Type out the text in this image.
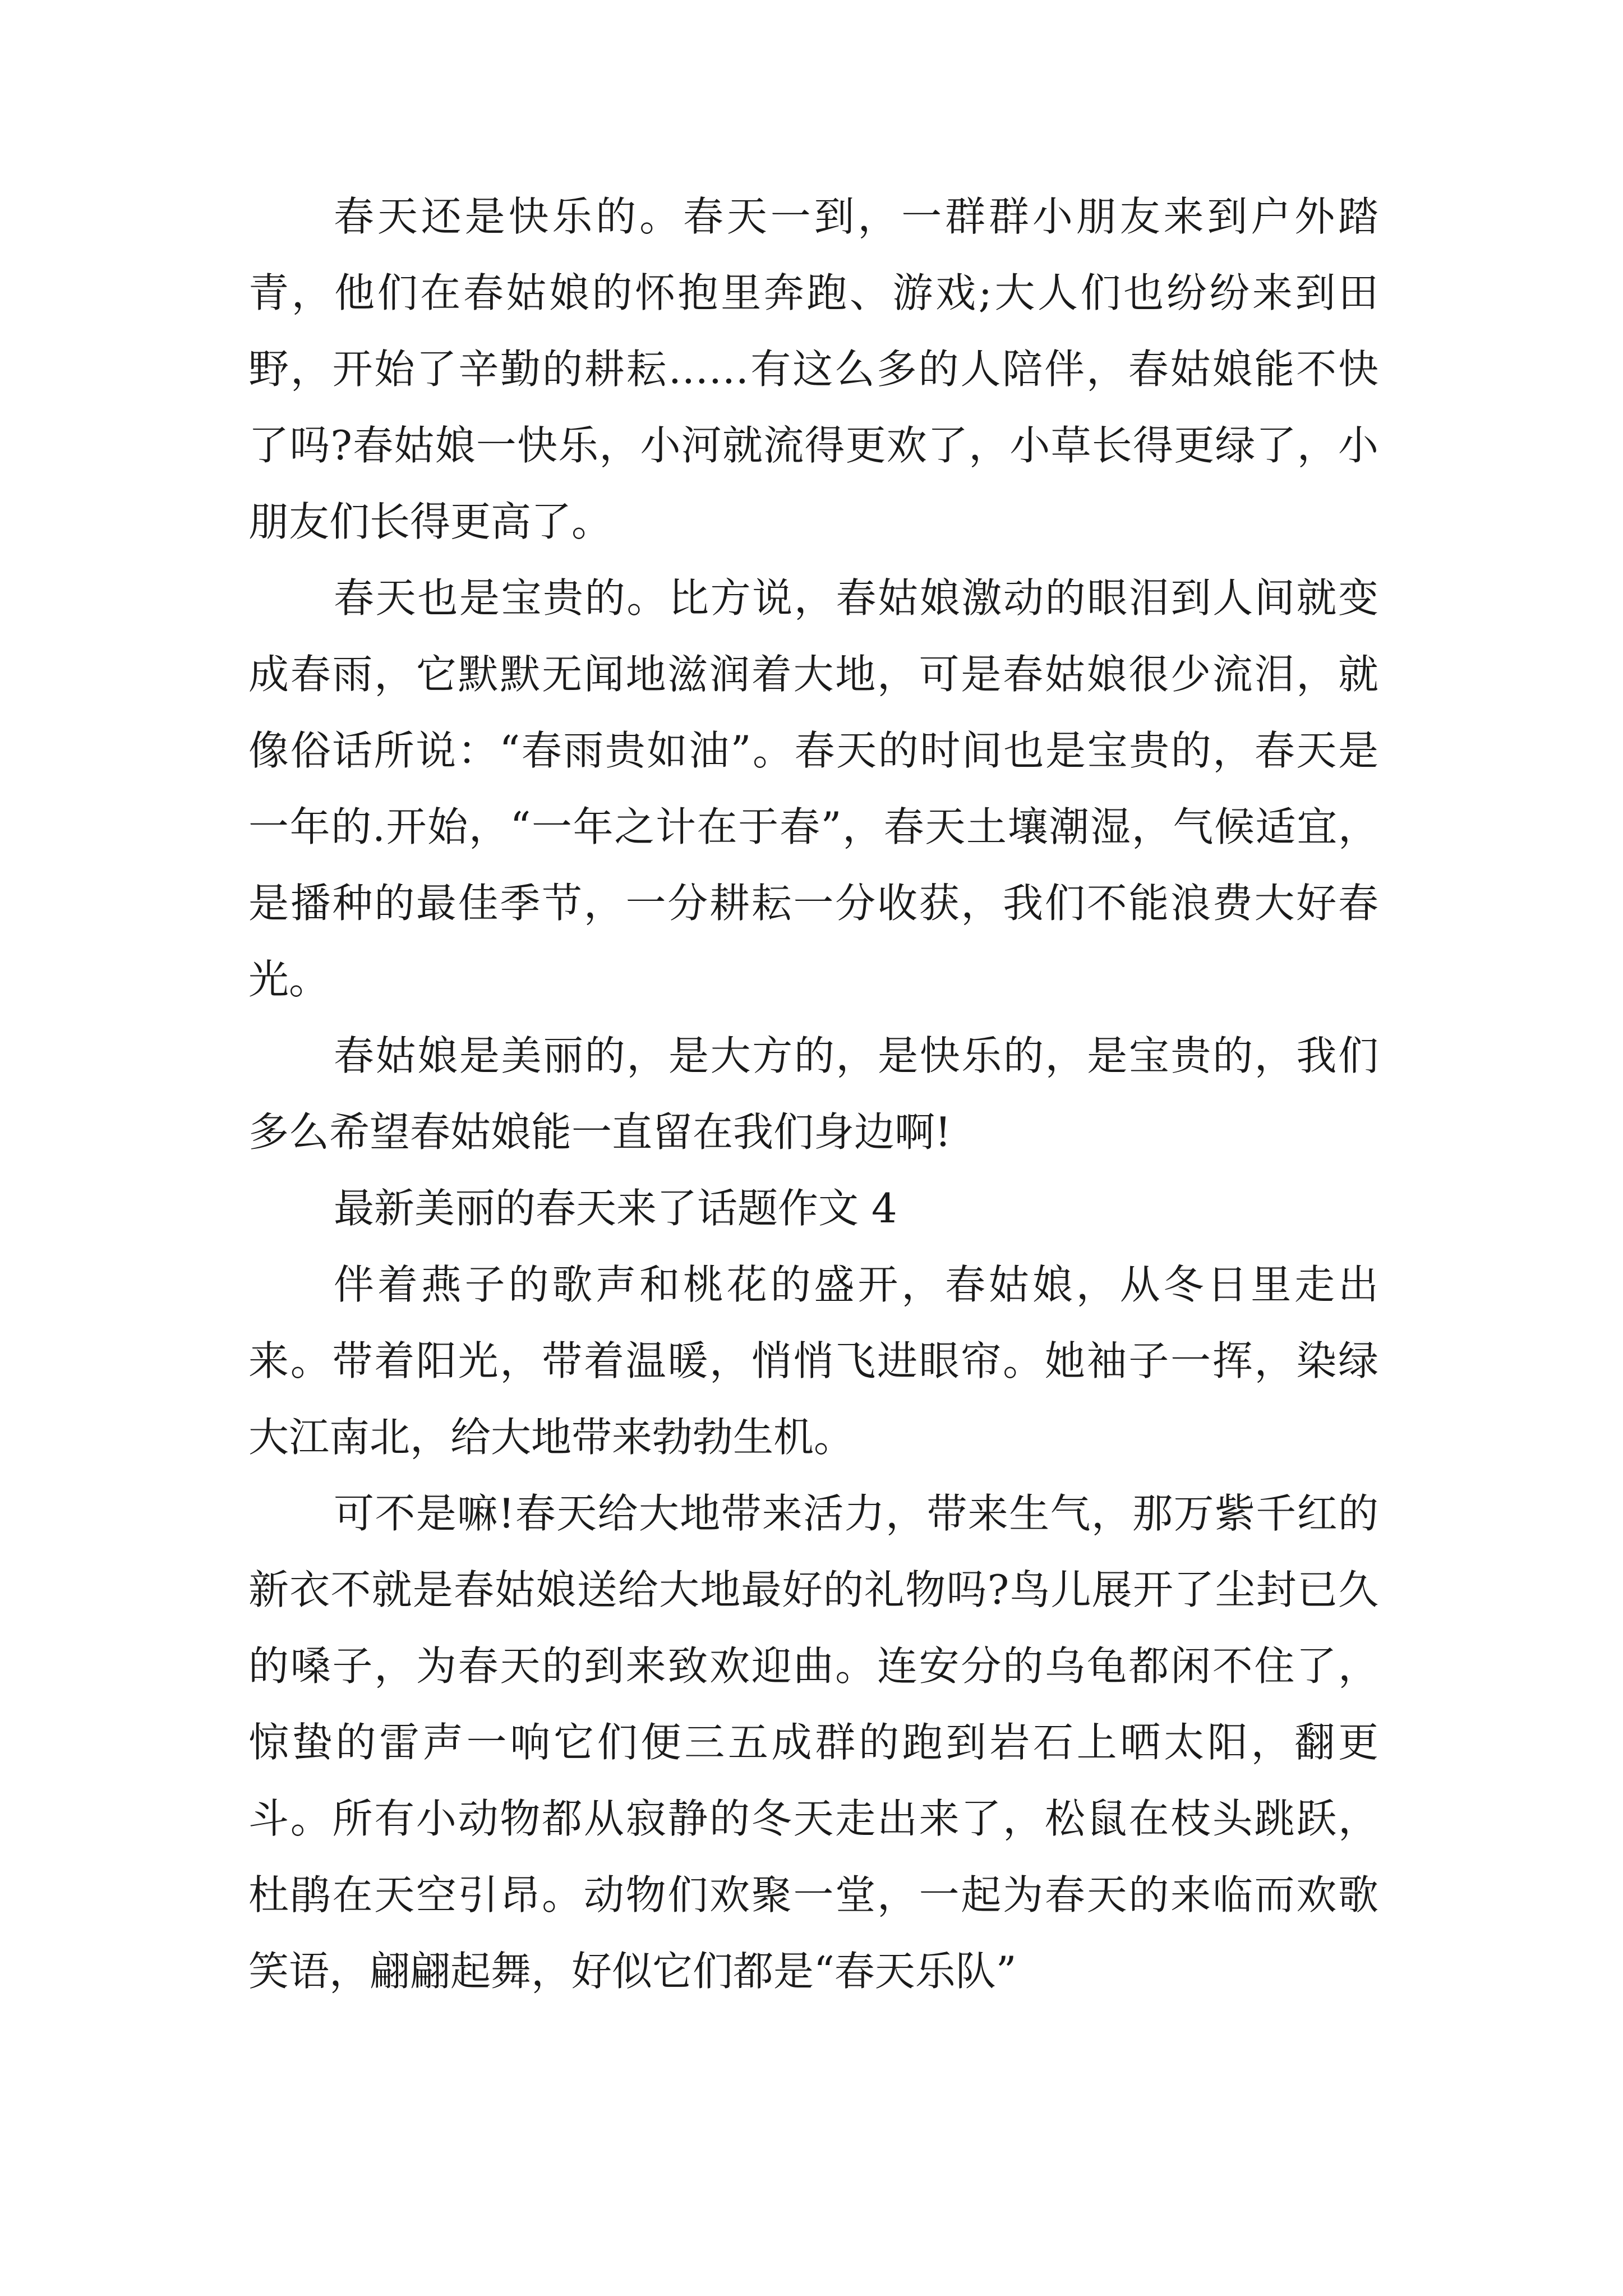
春天还是快乐的。春天一到，一群群小朋友来到户外踏青，他们在春姑娘的怀抱里奔跑、游戏;大人们也纷纷来到田野，开始了辛勤的耕耘……有这么多的人陪伴，春姑娘能不快了吗?春姑娘一快乐，小河就流得更欢了，小草长得更绿了，小朋友们长得更高了。

春天也是宝贵的。比方说，春姑娘激动的眼泪到人间就变成春雨，它默默无闻地滋润着大地，可是春姑娘很少流泪，就像俗话所说：“春雨贵如油”。春天的时间也是宝贵的，春天是一年的.开始，“一年之计在于春”，春天土壤潮湿，气候适宜，是播种的最佳季节，一分耕耘一分收获，我们不能浪费大好春光。

春姑娘是美丽的，是大方的，是快乐的，是宝贵的，我们多么希望春姑娘能一直留在我们身边啊!

最新美丽的春天来了话题作文 4

伴着燕子的歌声和桃花的盛开，春姑娘，从冬日里走出来。带着阳光，带着温暖，悄悄飞进眼帘。她袖子一挥，染绿大江南北，给大地带来勃勃生机。

可不是嘛!春天给大地带来活力，带来生气，那万紫千红的新衣不就是春姑娘送给大地最好的礼物吗?鸟儿展开了尘封已久的嗓子，为春天的到来致欢迎曲。连安分的乌龟都闲不住了，惊蛰的雷声一响它们便三五成群的跑到岩石上晒太阳，翻更斗。所有小动物都从寂静的冬天走出来了，松鼠在枝头跳跃，杜鹃在天空引昂。动物们欢聚一堂，一起为春天的来临而欢歌笑语，翩翩起舞，好似它们都是“春天乐队”
